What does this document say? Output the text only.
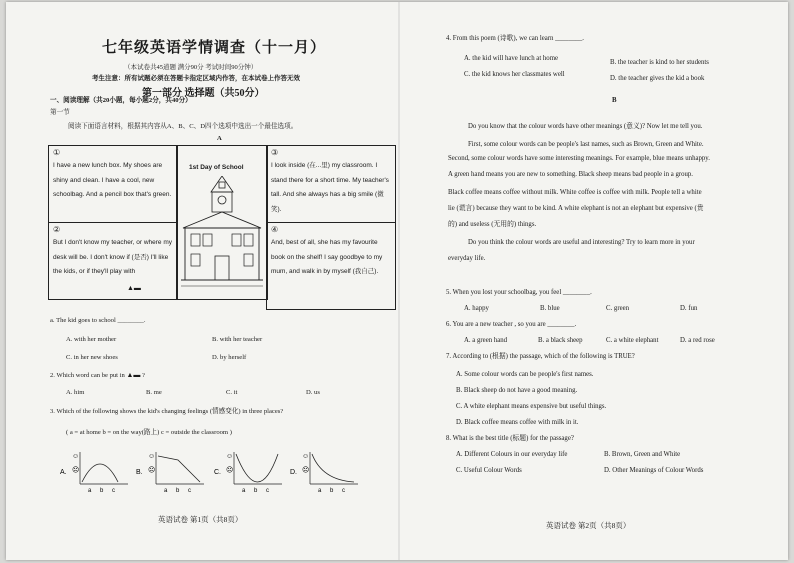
七年级英语学情调查（十一月）
（本试卷共45道题 满分90分 考试时间90分钟）
考生注意：所有试题必须在答题卡指定区域内作答，在本试卷上作答无效
第一部分 选择题（共50分）
一、阅读理解（共20小题，每小题2分，共40分）
第一节
阅读下面语言材料，根据其内容从A、B、C、D四个选项中选出一个最佳选项。
A
①
I have a new lunch box. My shoes are shiny and clean. I have a cool, new schoolbag. And a pencil box that's green.
②
But I don't know my teacher, or where my desk will be. I don't know if (是否) I'll like the kids, or if they'll play with
▲▬
1st Day of School
③
I look inside (在...里) my classroom. I stand there for a short time. My teacher's tall. And she always has a big smile (微笑).
④
And, best of all, she has my favourite book on the shelf! I say goodbye to my mum, and walk in by myself (我自己).
a. The kid goes to school ________.
A. with her mother	B. with her teacher
C. in her new shoes	D. by herself
2. Which word can be put in ▲▬ ?
A. him	B. me	C. it	D. us
3. Which of the following shows the kid's changing feelings (情感变化) in three places?
( a = at home b = on the way(路上) c = outside the classroom )
A.
☺
☹
a b c
B.
☺
☹
a b c
C.
☺
☹
a b c
D.
☺
☹
a b c
英语试卷 第1页（共8页）
4. From this poem (诗歌), we can learn ________.
A. the kid will have lunch at home
B. the teacher is kind to her students
C. the kid knows her classmates well
D. the teacher gives the kid a book
B
Do you know that the colour words have other meanings (意义)? Now let me tell you.
First, some colour words can be people's last names, such as Brown, Green and White.
Second, some colour words have some interesting meanings. For example, blue means unhappy.
A green hand means you are new to something. Black sheep means bad people in a group.
Black coffee means coffee without milk. White coffee is coffee with milk. People tell a white
lie (谎言) because they want to be kind. A white elephant is not an elephant but expensive (贵
的) and useless (无用的) things.
Do you think the colour words are useful and interesting? Try to learn more in your
everyday life.
5. When you lost your schoolbag, you feel ________.
A. happy	B. blue	C. green	D. fun
6. You are a new teacher , so you are ________.
A. a green hand	B. a black sheep	C. a white elephant	D. a red rose
7. According to (根据) the passage, which of the following is TRUE?
A. Some colour words can be people's first names.
B. Black sheep do not have a good meaning.
C. A white elephant means expensive but useful things.
D. Black coffee means coffee with milk in it.
8. What is the best title (标题) for the passage?
A. Different Colours in our everyday life	B. Brown, Green and White
C. Useful Colour Words	D. Other Meanings of Colour Words
英语试卷 第2页（共8页）
